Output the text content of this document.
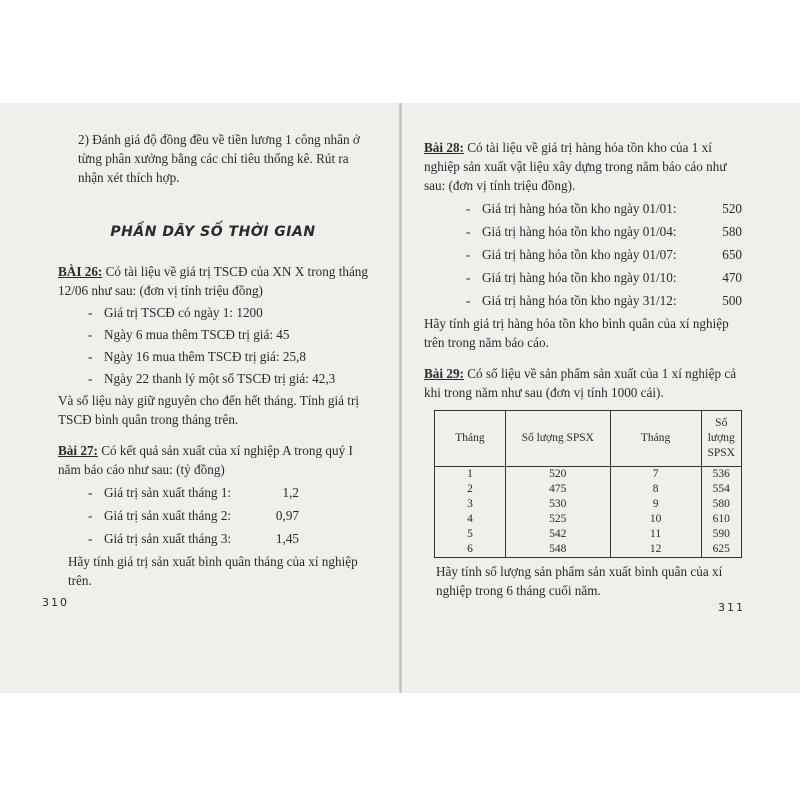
2) Đánh giá độ đồng đều về tiền lương 1 công nhân ở từng phân xưởng bằng các chỉ tiêu thống kê. Rút ra nhận xét thích hợp.

PHẦN DÃY SỐ THỜI GIAN

BÀI 26: Có tài liệu về giá trị TSCĐ của XN X trong tháng 12/06 như sau: (đơn vị tính triệu đồng)

- Giá trị TSCĐ có ngày 1: 1200
- Ngày 6 mua thêm TSCĐ trị giá: 45
- Ngày 16 mua thêm TSCĐ trị giá: 25,8
- Ngày 22 thanh lý một số TSCĐ trị giá: 42,3

Và số liệu này giữ nguyên cho đến hết tháng. Tính giá trị TSCĐ bình quân trong tháng trên.

Bài 27: Có kết quả sản xuất của xí nghiệp A trong quý I năm báo cáo như sau: (tỷ đồng)

- Giá trị sản xuất tháng 1:	1,2
- Giá trị sản xuất tháng 2:	0,97
- Giá trị sản xuất tháng 3:	1,45

Hãy tính giá trị sản xuất bình quân tháng của xí nghiệp trên.

310

Bài 28: Có tài liệu về giá trị hàng hóa tồn kho của 1 xí nghiệp sản xuất vật liệu xây dựng trong năm báo cáo như sau: (đơn vị tính triệu đồng).

- Giá trị hàng hóa tồn kho ngày 01/01:	520
- Giá trị hàng hóa tồn kho ngày 01/04:	580
- Giá trị hàng hóa tồn kho ngày 01/07:	650
- Giá trị hàng hóa tồn kho ngày 01/10:	470
- Giá trị hàng hóa tồn kho ngày 31/12:	500

Hãy tính giá trị hàng hóa tồn kho bình quân của xí nghiệp trên trong năm báo cáo.

Bài 29: Có số liệu về sản phẩm sản xuất của 1 xí nghiệp cả khi trong năm như sau (đơn vị tính 1000 cái).

Tháng	Số lượng SPSX	Tháng	Số lượng SPSX
1	520	7	536
2	475	8	554
3	530	9	580
4	525	10	610
5	542	11	590
6	548	12	625

Hãy tính số lượng sản phẩm sản xuất bình quân của xí nghiệp trong 6 tháng cuối năm.

311
